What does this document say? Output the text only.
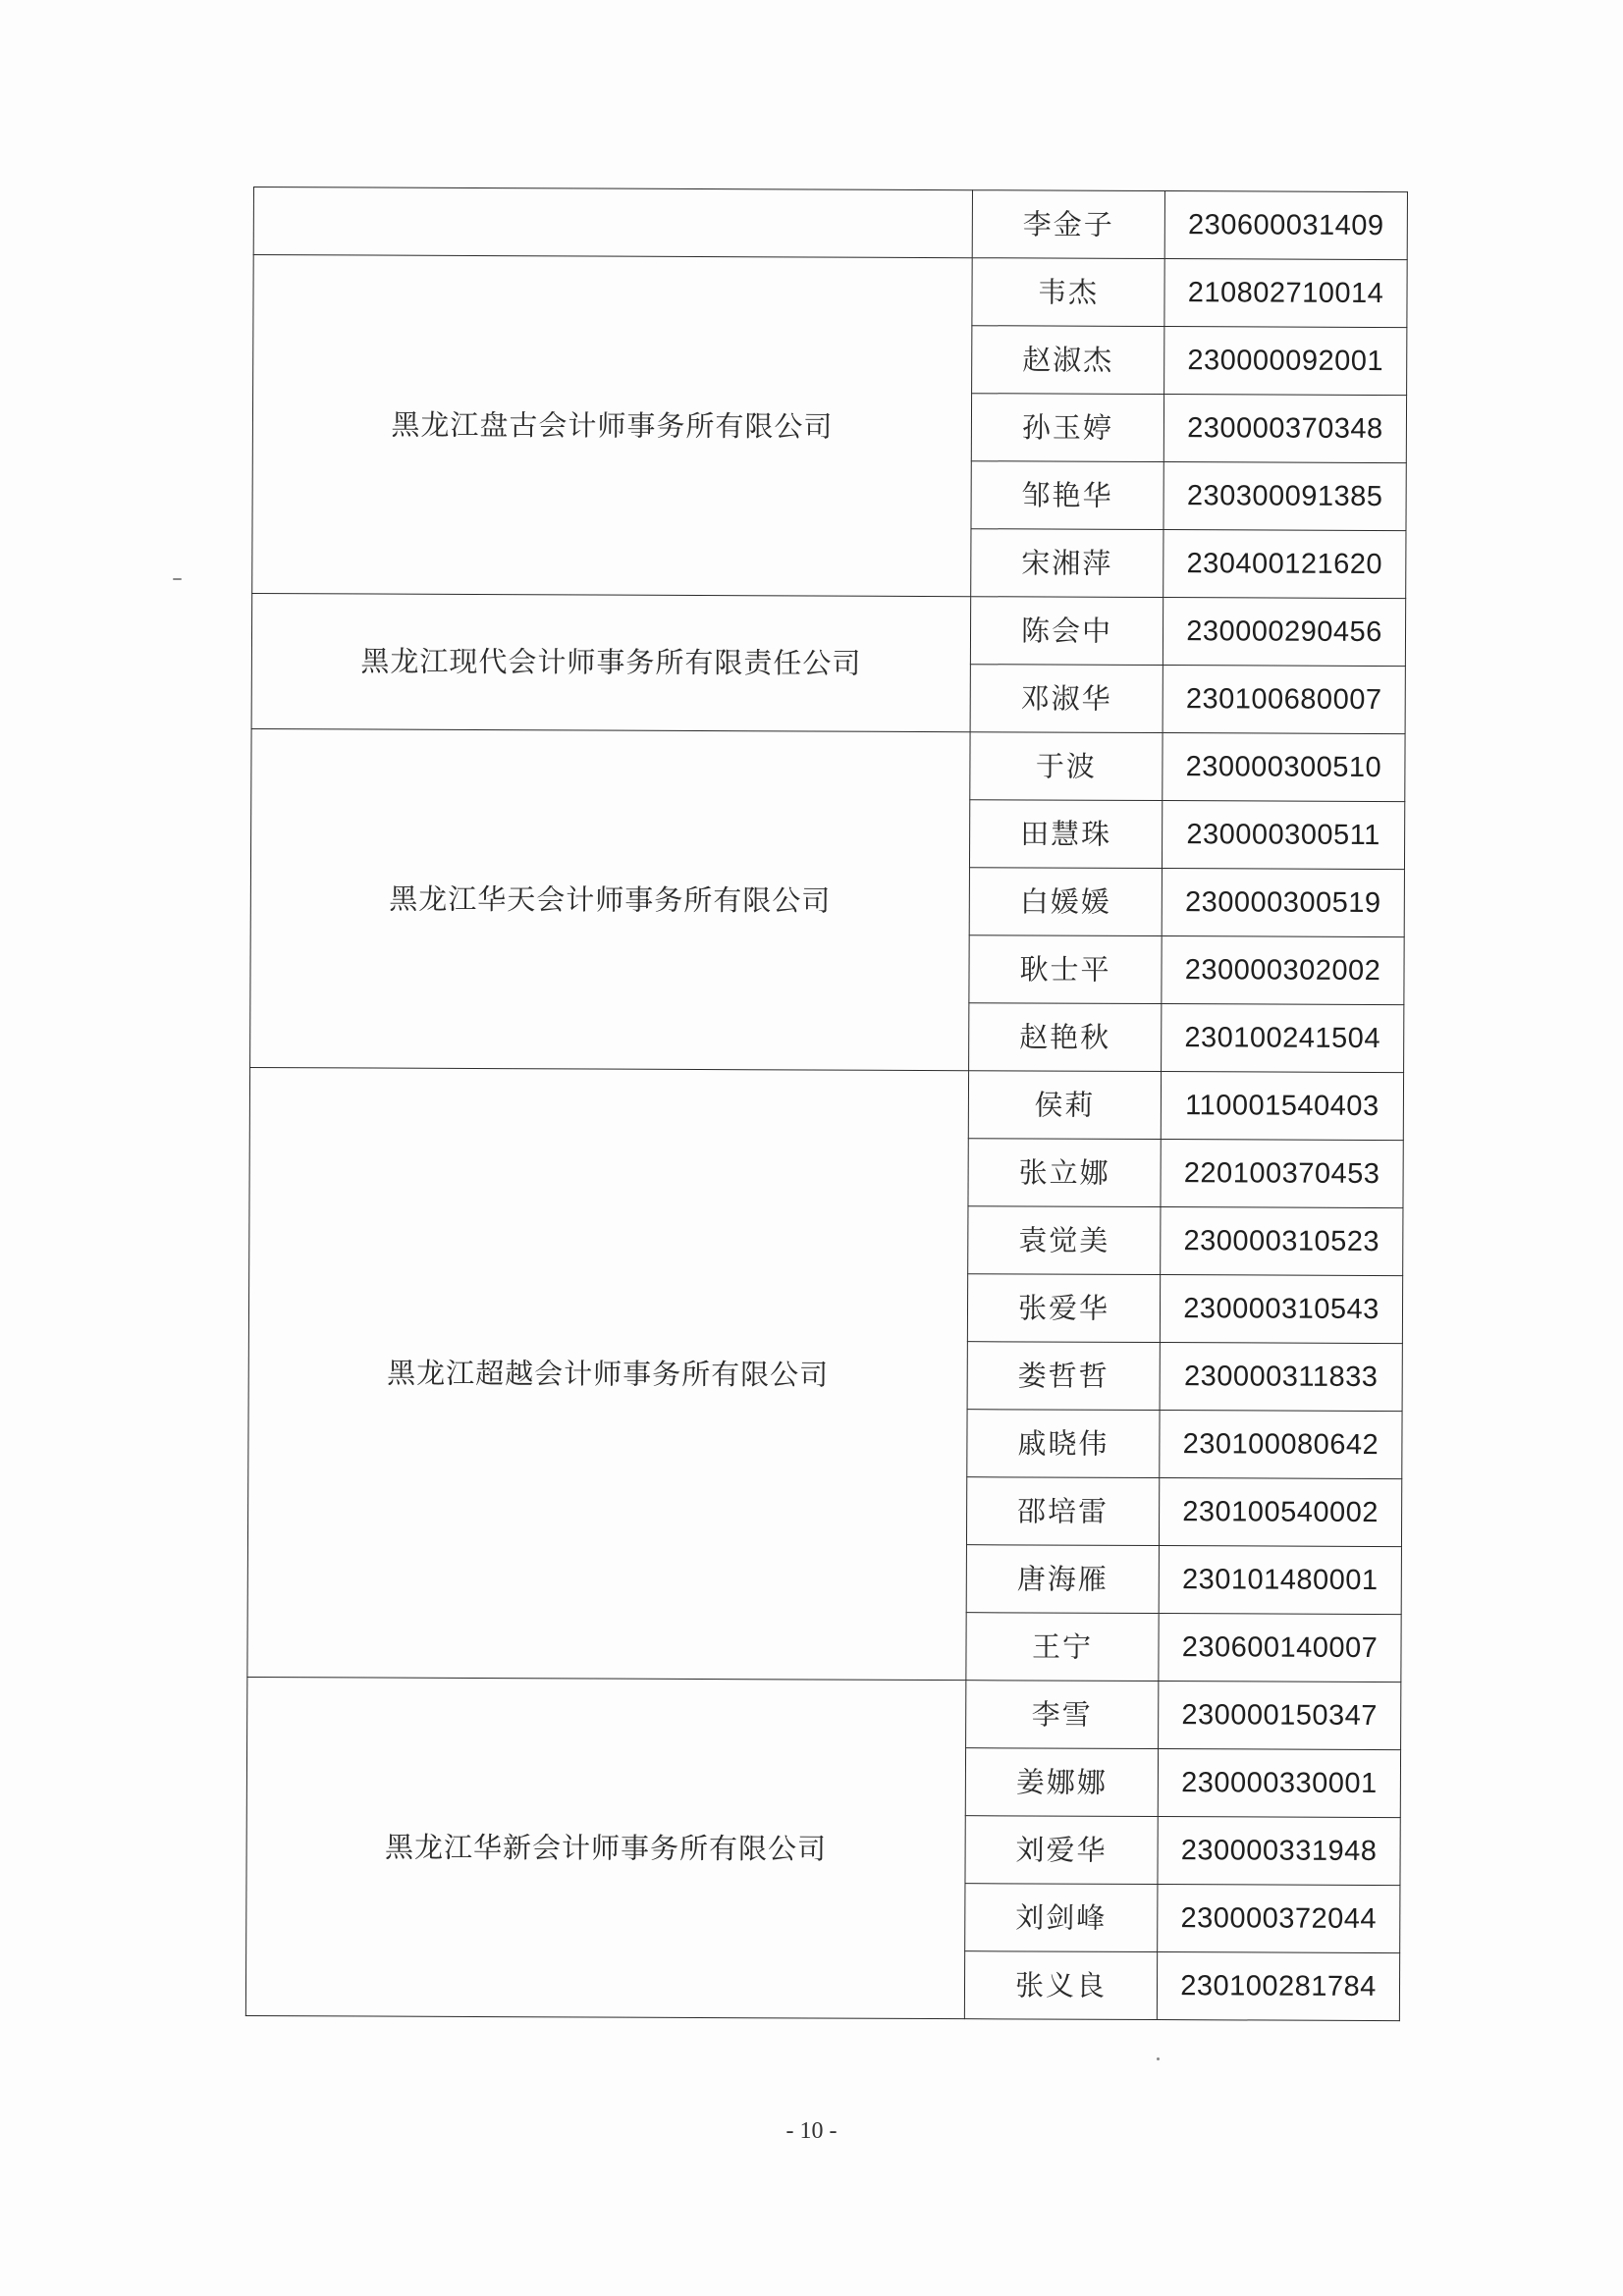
	李金子	230600031409
黑龙江盘古会计师事务所有限公司	韦杰	210802710014
	赵淑杰	230000092001
	孙玉婷	230000370348
	邹艳华	230300091385
	宋湘萍	230400121620
黑龙江现代会计师事务所有限责任公司	陈会中	230000290456
	邓淑华	230100680007
黑龙江华天会计师事务所有限公司	于波	230000300510
	田慧珠	230000300511
	白媛媛	230000300519
	耿士平	230000302002
	赵艳秋	230100241504
黑龙江超越会计师事务所有限公司	侯莉	110001540403
	张立娜	220100370453
	袁觉美	230000310523
	张爱华	230000310543
	娄哲哲	230000311833
	戚晓伟	230100080642
	邵培雷	230100540002
	唐海雁	230101480001
	王宁	230600140007
黑龙江华新会计师事务所有限公司	李雪	230000150347
	姜娜娜	230000330001
	刘爱华	230000331948
	刘剑峰	230000372044
	张义良	230100281784
- 10 -
